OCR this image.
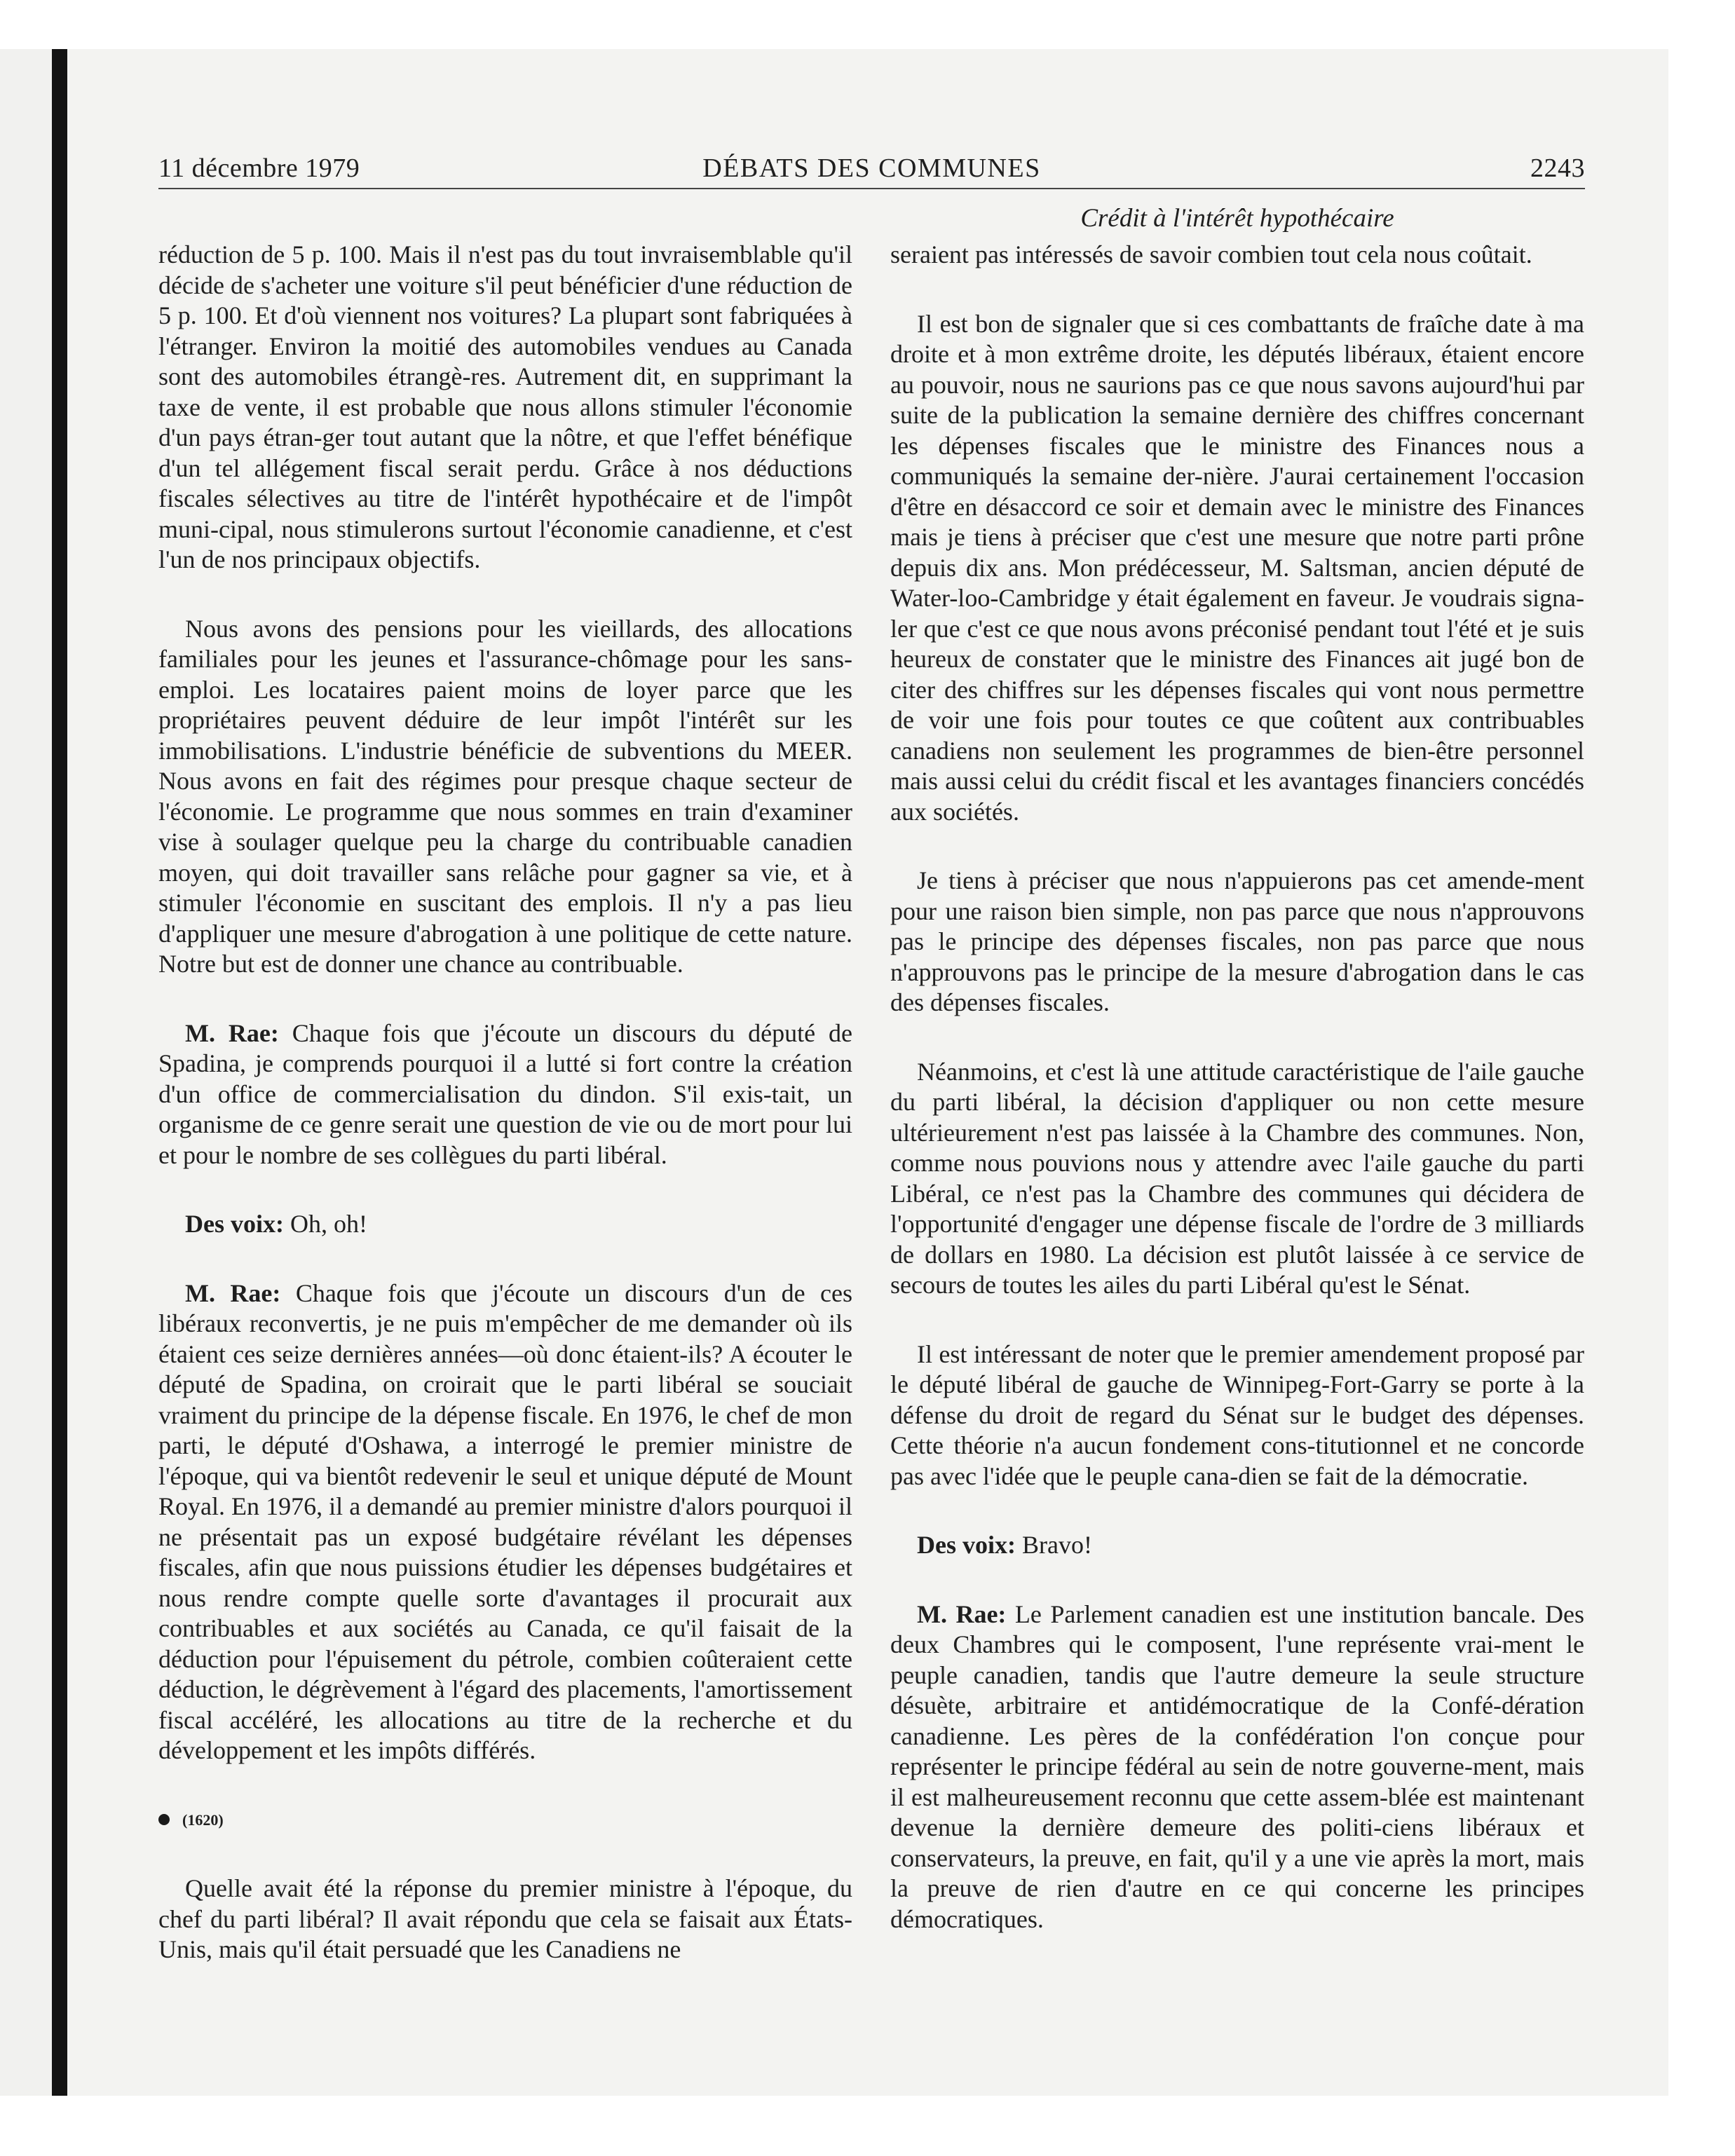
11 décembre 1979	DÉBATS DES COMMUNES	2243
Crédit à l'intérêt hypothécaire

réduction de 5 p. 100. Mais il n'est pas du tout invraisemblable qu'il décide de s'acheter une voiture s'il peut bénéficier d'une réduction de 5 p. 100. Et d'où viennent nos voitures? La plupart sont fabriquées à l'étranger. Environ la moitié des automobiles vendues au Canada sont des automobiles étrangè-res. Autrement dit, en supprimant la taxe de vente, il est probable que nous allons stimuler l'économie d'un pays étran-ger tout autant que la nôtre, et que l'effet bénéfique d'un tel allégement fiscal serait perdu. Grâce à nos déductions fiscales sélectives au titre de l'intérêt hypothécaire et de l'impôt muni-cipal, nous stimulerons surtout l'économie canadienne, et c'est l'un de nos principaux objectifs.

Nous avons des pensions pour les vieillards, des allocations familiales pour les jeunes et l'assurance-chômage pour les sans-emploi. Les locataires paient moins de loyer parce que les propriétaires peuvent déduire de leur impôt l'intérêt sur les immobilisations. L'industrie bénéficie de subventions du MEER. Nous avons en fait des régimes pour presque chaque secteur de l'économie. Le programme que nous sommes en train d'examiner vise à soulager quelque peu la charge du contribuable canadien moyen, qui doit travailler sans relâche pour gagner sa vie, et à stimuler l'économie en suscitant des emplois. Il n'y a pas lieu d'appliquer une mesure d'abrogation à une politique de cette nature. Notre but est de donner une chance au contribuable.

M. Rae: Chaque fois que j'écoute un discours du député de Spadina, je comprends pourquoi il a lutté si fort contre la création d'un office de commercialisation du dindon. S'il exis-tait, un organisme de ce genre serait une question de vie ou de mort pour lui et pour le nombre de ses collègues du parti libéral.

Des voix: Oh, oh!

M. Rae: Chaque fois que j'écoute un discours d'un de ces libéraux reconvertis, je ne puis m'empêcher de me demander où ils étaient ces seize dernières années—où donc étaient-ils? A écouter le député de Spadina, on croirait que le parti libéral se souciait vraiment du principe de la dépense fiscale. En 1976, le chef de mon parti, le député d'Oshawa, a interrogé le premier ministre de l'époque, qui va bientôt redevenir le seul et unique député de Mount Royal. En 1976, il a demandé au premier ministre d'alors pourquoi il ne présentait pas un exposé budgétaire révélant les dépenses fiscales, afin que nous puissions étudier les dépenses budgétaires et nous rendre compte quelle sorte d'avantages il procurait aux contribuables et aux sociétés au Canada, ce qu'il faisait de la déduction pour l'épuisement du pétrole, combien coûteraient cette déduction, le dégrèvement à l'égard des placements, l'amortissement fiscal accéléré, les allocations au titre de la recherche et du développement et les impôts différés.

(1620)

Quelle avait été la réponse du premier ministre à l'époque, du chef du parti libéral? Il avait répondu que cela se faisait aux États-Unis, mais qu'il était persuadé que les Canadiens ne

seraient pas intéressés de savoir combien tout cela nous coûtait.

Il est bon de signaler que si ces combattants de fraîche date à ma droite et à mon extrême droite, les députés libéraux, étaient encore au pouvoir, nous ne saurions pas ce que nous savons aujourd'hui par suite de la publication la semaine dernière des chiffres concernant les dépenses fiscales que le ministre des Finances nous a communiqués la semaine der-nière. J'aurai certainement l'occasion d'être en désaccord ce soir et demain avec le ministre des Finances mais je tiens à préciser que c'est une mesure que notre parti prône depuis dix ans. Mon prédécesseur, M. Saltsman, ancien député de Water-loo-Cambridge y était également en faveur. Je voudrais signa-ler que c'est ce que nous avons préconisé pendant tout l'été et je suis heureux de constater que le ministre des Finances ait jugé bon de citer des chiffres sur les dépenses fiscales qui vont nous permettre de voir une fois pour toutes ce que coûtent aux contribuables canadiens non seulement les programmes de bien-être personnel mais aussi celui du crédit fiscal et les avantages financiers concédés aux sociétés.

Je tiens à préciser que nous n'appuierons pas cet amende-ment pour une raison bien simple, non pas parce que nous n'approuvons pas le principe des dépenses fiscales, non pas parce que nous n'approuvons pas le principe de la mesure d'abrogation dans le cas des dépenses fiscales.

Néanmoins, et c'est là une attitude caractéristique de l'aile gauche du parti libéral, la décision d'appliquer ou non cette mesure ultérieurement n'est pas laissée à la Chambre des communes. Non, comme nous pouvions nous y attendre avec l'aile gauche du parti Libéral, ce n'est pas la Chambre des communes qui décidera de l'opportunité d'engager une dépense fiscale de l'ordre de 3 milliards de dollars en 1980. La décision est plutôt laissée à ce service de secours de toutes les ailes du parti Libéral qu'est le Sénat.

Il est intéressant de noter que le premier amendement proposé par le député libéral de gauche de Winnipeg-Fort-Garry se porte à la défense du droit de regard du Sénat sur le budget des dépenses. Cette théorie n'a aucun fondement cons-titutionnel et ne concorde pas avec l'idée que le peuple cana-dien se fait de la démocratie.

Des voix: Bravo!

M. Rae: Le Parlement canadien est une institution bancale. Des deux Chambres qui le composent, l'une représente vrai-ment le peuple canadien, tandis que l'autre demeure la seule structure désuète, arbitraire et antidémocratique de la Confé-dération canadienne. Les pères de la confédération l'on conçue pour représenter le principe fédéral au sein de notre gouverne-ment, mais il est malheureusement reconnu que cette assem-blée est maintenant devenue la dernière demeure des politi-ciens libéraux et conservateurs, la preuve, en fait, qu'il y a une vie après la mort, mais la preuve de rien d'autre en ce qui concerne les principes démocratiques.
